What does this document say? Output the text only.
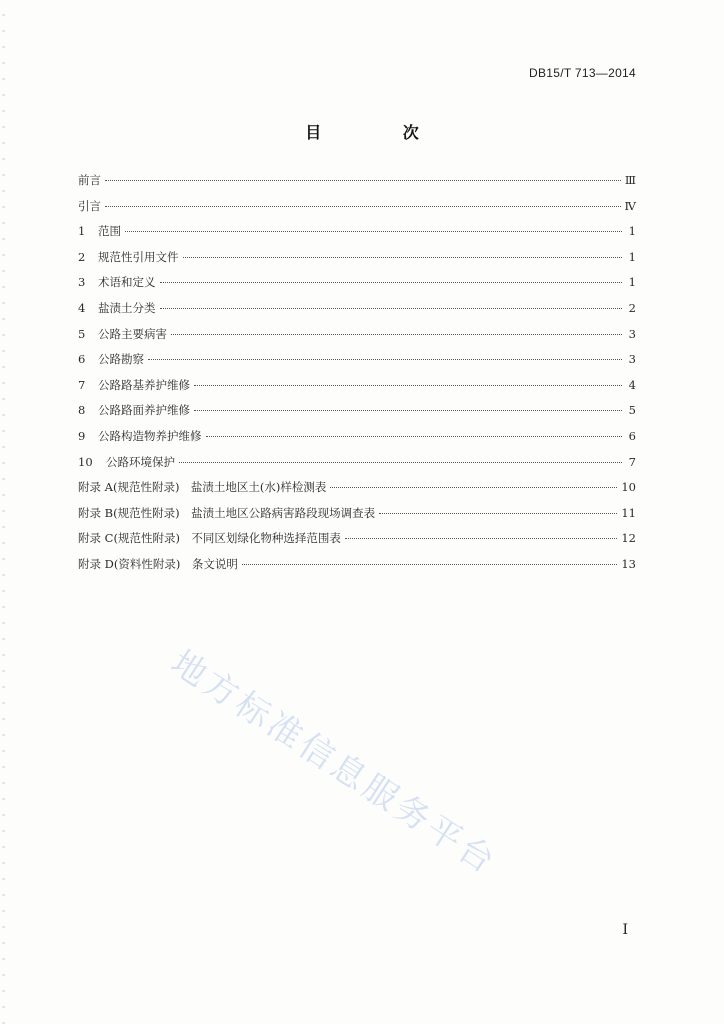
DB15/T 713—2014
目 次
前言	Ⅲ
引言	Ⅳ
1	范围	1
2	规范性引用文件	1
3	术语和定义	1
4	盐渍土分类	2
5	公路主要病害	3
6	公路勘察	3
7	公路路基养护维修	4
8	公路路面养护维修	5
9	公路构造物养护维修	6
10	公路环境保护	7
附录 A(规范性附录)　盐渍土地区土(水)样检测表	10
附录 B(规范性附录)　盐渍土地区公路病害路段现场调查表	11
附录 C(规范性附录)　不同区划绿化物种选择范围表	12
附录 D(资料性附录)　条文说明	13
地方标准信息服务平台
Ⅰ
